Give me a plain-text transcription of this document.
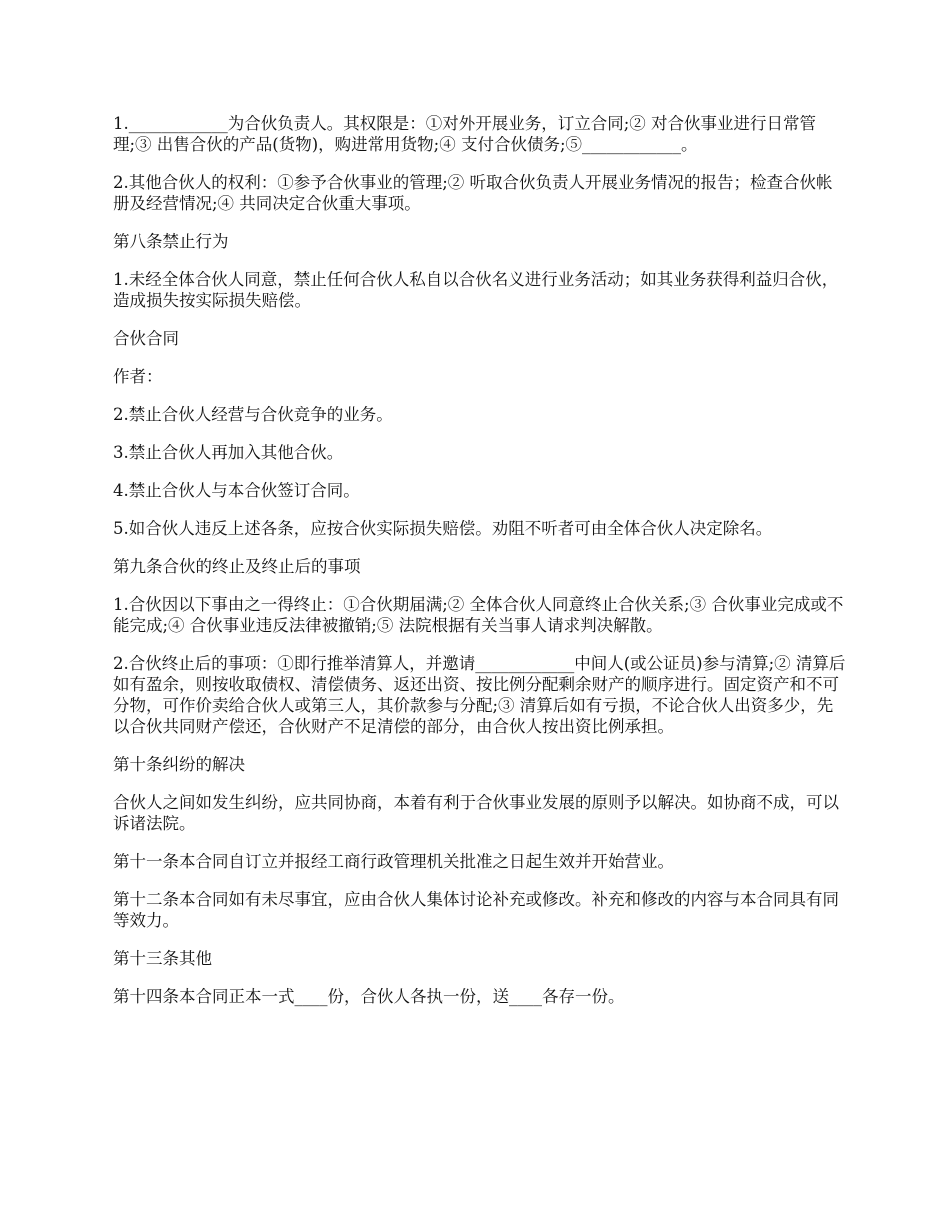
1.____________为合伙负责人。其权限是：①对外开展业务，订立合同;② 对合伙事业进行日常管理;③ 出售合伙的产品(货物)，购进常用货物;④ 支付合伙债务;⑤____________。

2.其他合伙人的权利：①参予合伙事业的管理;② 听取合伙负责人开展业务情况的报告；检查合伙帐册及经营情况;④ 共同决定合伙重大事项。

第八条禁止行为

1.未经全体合伙人同意，禁止任何合伙人私自以合伙名义进行业务活动；如其业务获得利益归合伙，造成损失按实际损失赔偿。

合伙合同

作者：

2.禁止合伙人经营与合伙竞争的业务。

3.禁止合伙人再加入其他合伙。

4.禁止合伙人与本合伙签订合同。

5.如合伙人违反上述各条，应按合伙实际损失赔偿。劝阻不听者可由全体合伙人决定除名。

第九条合伙的终止及终止后的事项

1.合伙因以下事由之一得终止：①合伙期届满;② 全体合伙人同意终止合伙关系;③ 合伙事业完成或不能完成;④ 合伙事业违反法律被撤销;⑤ 法院根据有关当事人请求判决解散。

2.合伙终止后的事项：①即行推举清算人，并邀请____________中间人(或公证员)参与清算;② 清算后如有盈余，则按收取债权、清偿债务、返还出资、按比例分配剩余财产的顺序进行。固定资产和不可分物，可作价卖给合伙人或第三人，其价款参与分配;③ 清算后如有亏损，不论合伙人出资多少，先以合伙共同财产偿还，合伙财产不足清偿的部分，由合伙人按出资比例承担。

第十条纠纷的解决

合伙人之间如发生纠纷，应共同协商，本着有利于合伙事业发展的原则予以解决。如协商不成，可以诉诸法院。

第十一条本合同自订立并报经工商行政管理机关批准之日起生效并开始营业。

第十二条本合同如有未尽事宜，应由合伙人集体讨论补充或修改。补充和修改的内容与本合同具有同等效力。

第十三条其他

第十四条本合同正本一式____份，合伙人各执一份，送____各存一份。
